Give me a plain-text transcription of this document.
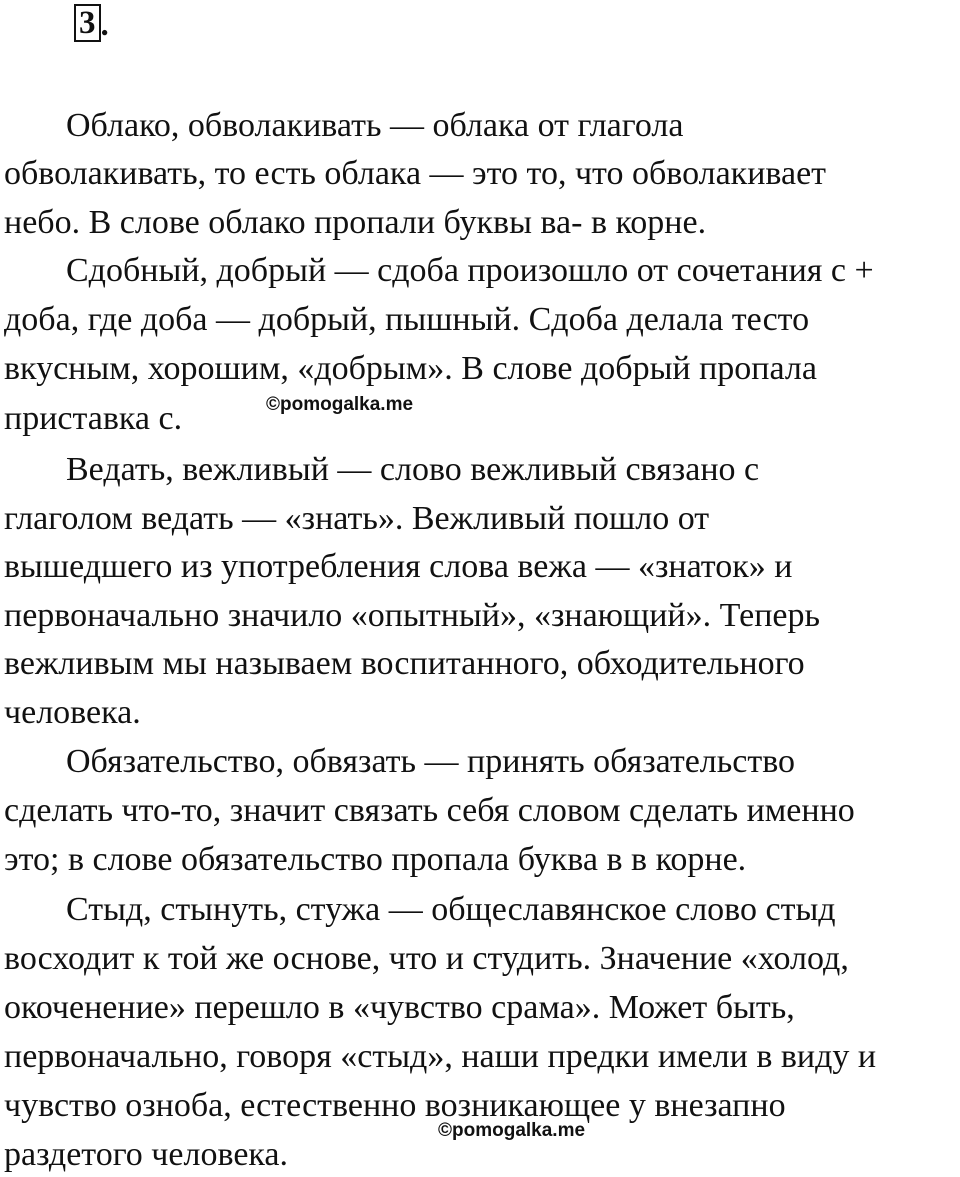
3 .
Облако, обволакивать — облака от глагола
обволакивать, то есть облака — это то, что обволакивает
небо. В слове облако пропали буквы ва- в корне.
Сдобный, добрый — сдоба произошло от сочетания с +
доба, где доба — добрый, пышный. Сдоба делала тесто
вкусным, хорошим, «добрым». В слове добрый пропала
приставка с.
Ведать, вежливый — слово вежливый связано с
глаголом ведать — «знать». Вежливый пошло от
вышедшего из употребления слова вежа — «знаток» и
первоначально значило «опытный», «знающий». Теперь
вежливым мы называем воспитанного, обходительного
человека.
Обязательство, обвязать — принять обязательство
сделать что-то, значит связать себя словом сделать именно
это; в слове обязательство пропала буква в в корне.
Стыд, стынуть, стужа — общеславянское слово стыд
восходит к той же основе, что и студить. Значение «холод,
окоченение» перешло в «чувство срама». Может быть,
первоначально, говоря «стыд», наши предки имели в виду и
чувство озноба, естественно возникающее у внезапно
раздетого человека.
©pomogalka.me
©pomogalka.me
